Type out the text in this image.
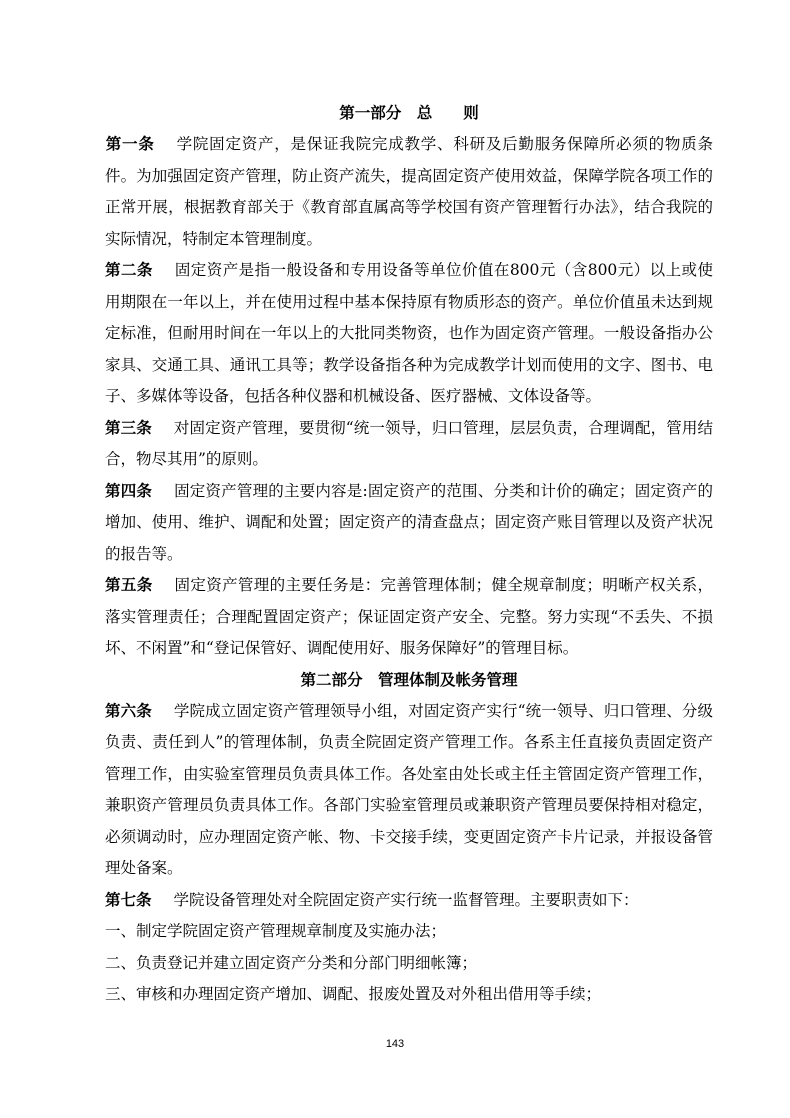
第一部分　总　　则

第一条 学院固定资产，是保证我院完成教学、科研及后勤服务保障所必须的物质条件。为加强固定资产管理，防止资产流失，提高固定资产使用效益，保障学院各项工作的正常开展，根据教育部关于《教育部直属高等学校国有资产管理暂行办法》，结合我院的实际情况，特制定本管理制度。

第二条 固定资产是指一般设备和专用设备等单位价值在800元（含800元）以上或使用期限在一年以上，并在使用过程中基本保持原有物质形态的资产。单位价值虽未达到规定标准，但耐用时间在一年以上的大批同类物资，也作为固定资产管理。一般设备指办公家具、交通工具、通讯工具等；教学设备指各种为完成教学计划而使用的文字、图书、电子、多媒体等设备，包括各种仪器和机械设备、医疗器械、文体设备等。

第三条 对固定资产管理，要贯彻“统一领导，归口管理，层层负责，合理调配，管用结合，物尽其用”的原则。

第四条 固定资产管理的主要内容是:固定资产的范围、分类和计价的确定；固定资产的增加、使用、维护、调配和处置；固定资产的清查盘点；固定资产账目管理以及资产状况的报告等。

第五条 固定资产管理的主要任务是：完善管理体制；健全规章制度；明晰产权关系，落实管理责任；合理配置固定资产；保证固定资产安全、完整。努力实现“不丢失、不损坏、不闲置”和“登记保管好、调配使用好、服务保障好”的管理目标。

第二部分　管理体制及帐务管理

第六条 学院成立固定资产管理领导小组，对固定资产实行“统一领导、归口管理、分级负责、责任到人”的管理体制，负责全院固定资产管理工作。各系主任直接负责固定资产管理工作，由实验室管理员负责具体工作。各处室由处长或主任主管固定资产管理工作，兼职资产管理员负责具体工作。各部门实验室管理员或兼职资产管理员要保持相对稳定，必须调动时，应办理固定资产帐、物、卡交接手续，变更固定资产卡片记录，并报设备管理处备案。

第七条 学院设备管理处对全院固定资产实行统一监督管理。主要职责如下：

一、制定学院固定资产管理规章制度及实施办法；

二、负责登记并建立固定资产分类和分部门明细帐簿；

三、审核和办理固定资产增加、调配、报废处置及对外租出借用等手续；

143
